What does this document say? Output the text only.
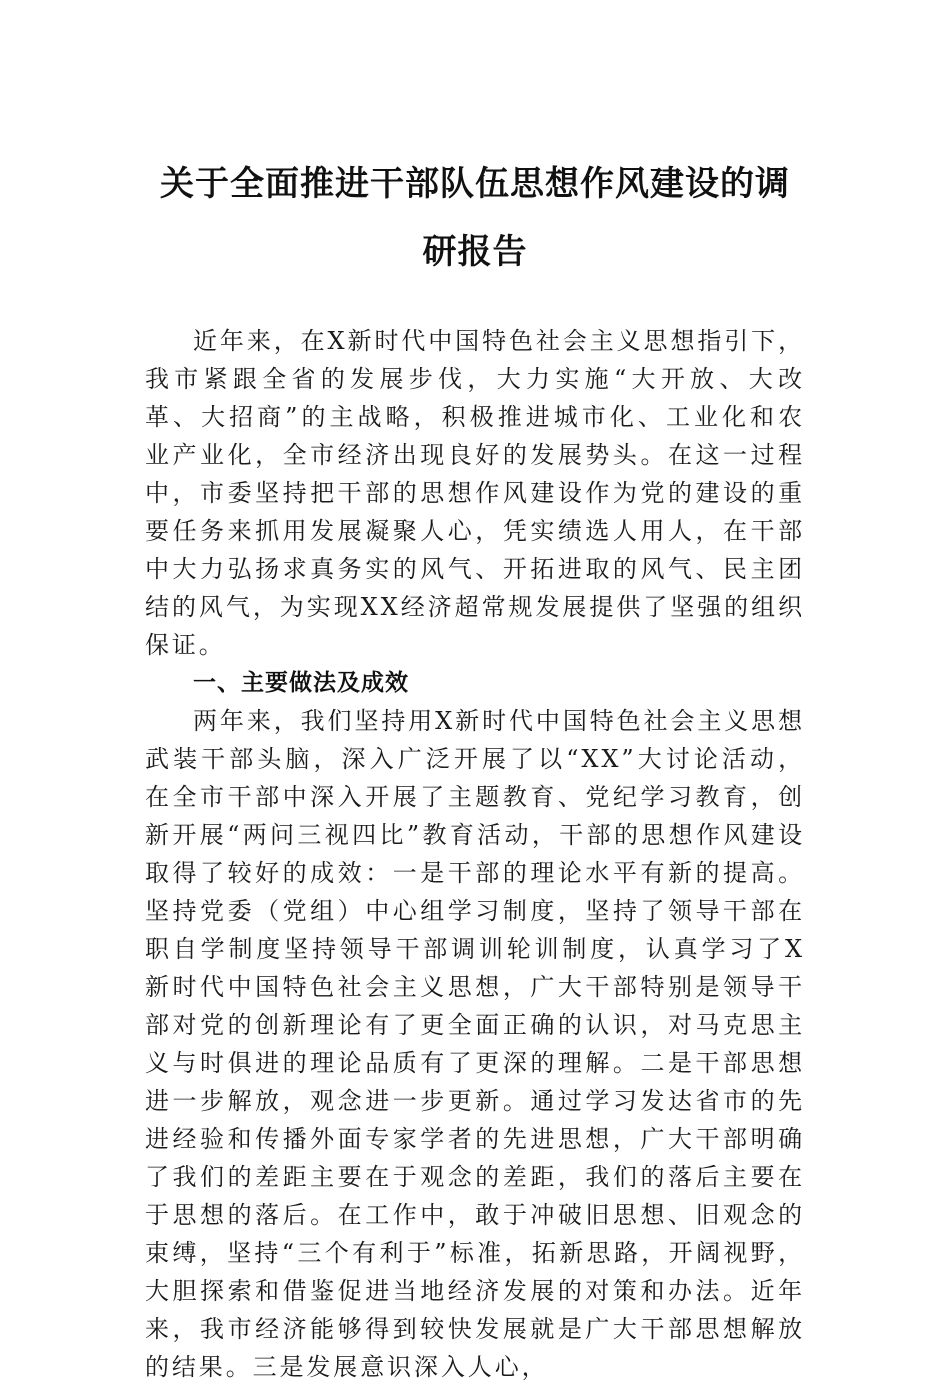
关于全面推进干部队伍思想作风建设的调研报告

近年来，在X新时代中国特色社会主义思想指引下，我市紧跟全省的发展步伐，大力实施“大开放、大改革、大招商”的主战略，积极推进城市化、工业化和农业产业化，全市经济出现良好的发展势头。在这一过程中，市委坚持把干部的思想作风建设作为党的建设的重要任务来抓用发展凝聚人心，凭实绩选人用人，在干部中大力弘扬求真务实的风气、开拓进取的风气、民主团结的风气，为实现XX经济超常规发展提供了坚强的组织保证。

一、主要做法及成效

两年来，我们坚持用X新时代中国特色社会主义思想武装干部头脑，深入广泛开展了以“XX”大讨论活动，在全市干部中深入开展了主题教育、党纪学习教育，创新开展“两问三视四比”教育活动，干部的思想作风建设取得了较好的成效：一是干部的理论水平有新的提高。坚持党委（党组）中心组学习制度，坚持了领导干部在职自学制度坚持领导干部调训轮训制度，认真学习了X新时代中国特色社会主义思想，广大干部特别是领导干部对党的创新理论有了更全面正确的认识，对马克思主义与时俱进的理论品质有了更深的理解。二是干部思想进一步解放，观念进一步更新。通过学习发达省市的先进经验和传播外面专家学者的先进思想，广大干部明确了我们的差距主要在于观念的差距，我们的落后主要在于思想的落后。在工作中，敢于冲破旧思想、旧观念的束缚，坚持“三个有利于”标准，拓新思路，开阔视野，大胆探索和借鉴促进当地经济发展的对策和办法。近年来，我市经济能够得到较快发展就是广大干部思想解放的结果。三是发展意识深入人心，
